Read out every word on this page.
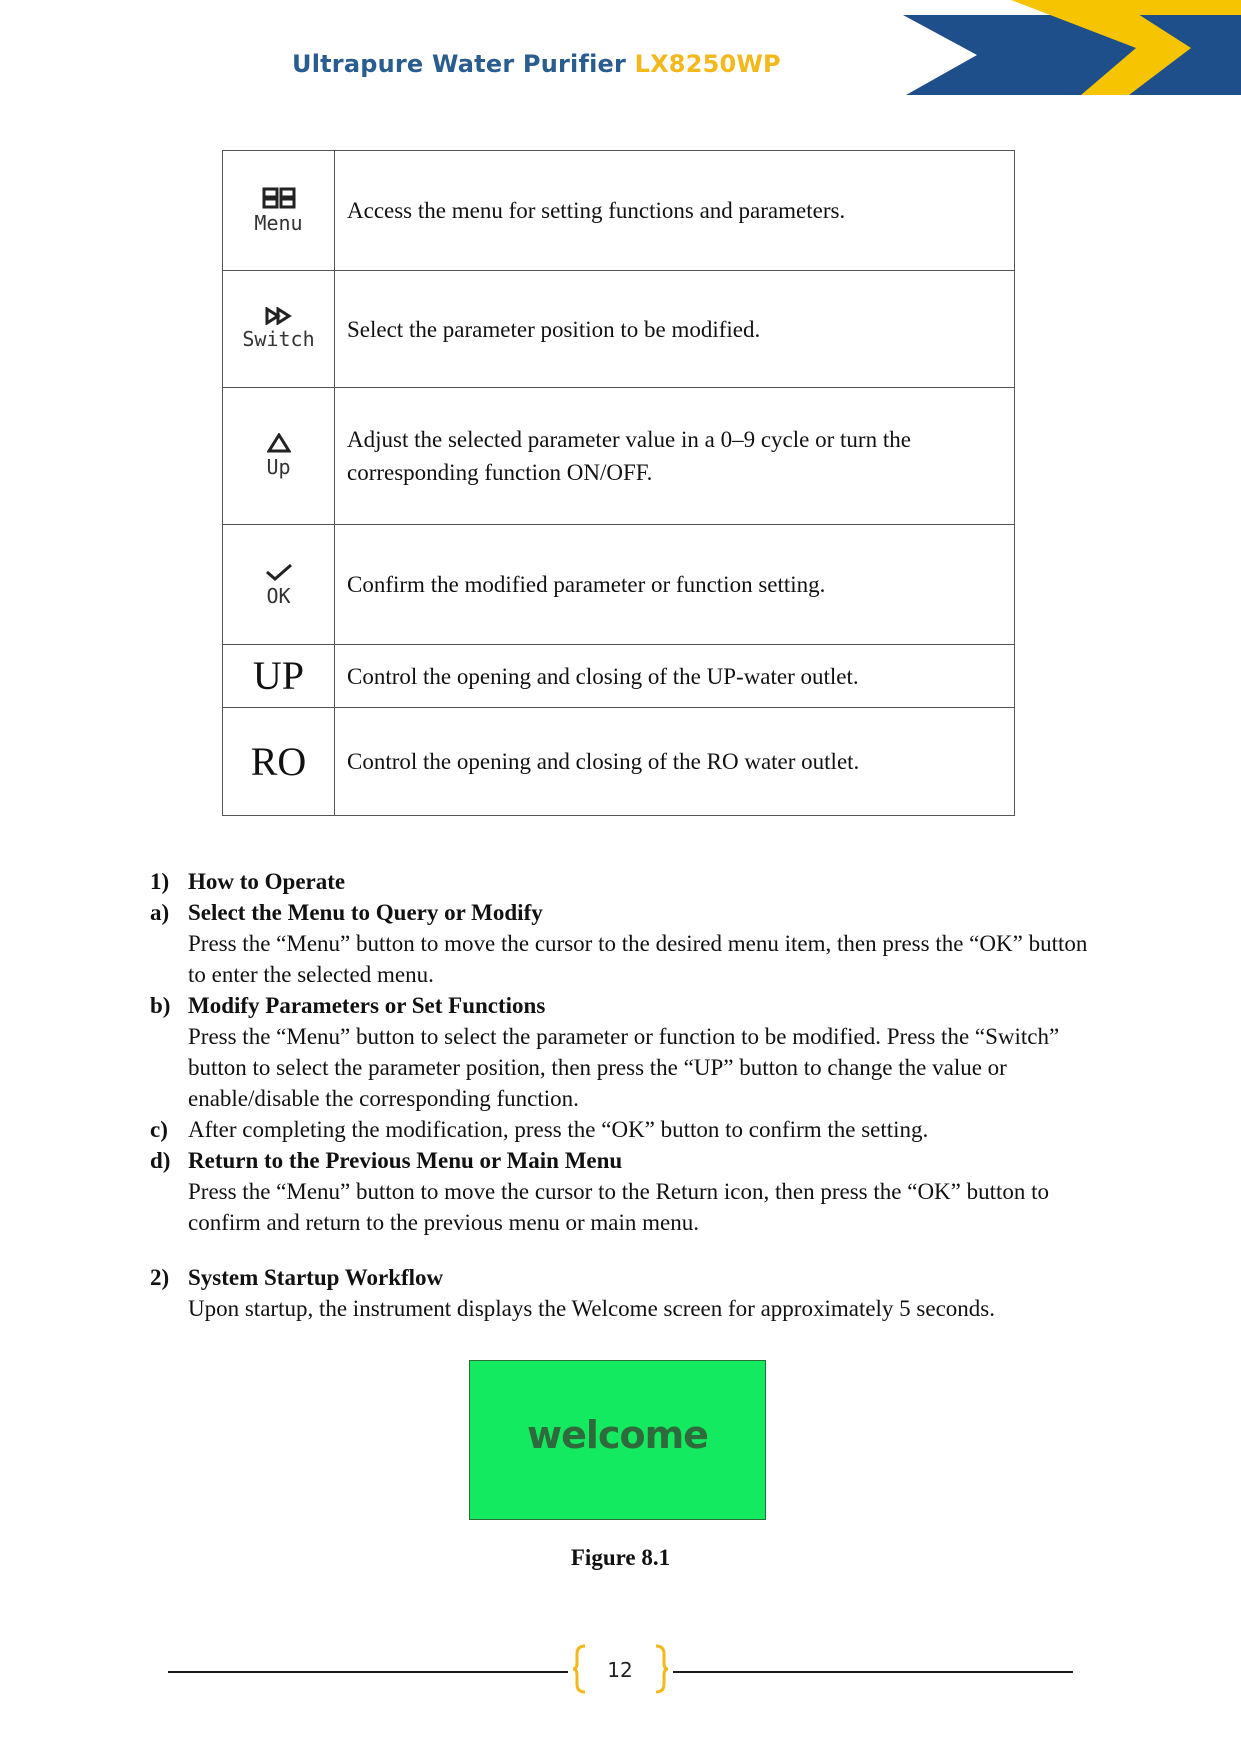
Ultrapure Water Purifier LX8250WP
Menu	Access the menu for setting functions and parameters.

Switch	Select the parameter position to be modified.

Up	Adjust the selected parameter value in a 0–9 cycle or turn the corresponding function ON/OFF.

OK	Confirm the modified parameter or function setting.
UP	Control the opening and closing of the UP-water outlet.
RO	Control the opening and closing of the RO water outlet.
1) How to Operate
a) Select the Menu to Query or Modify
Press the “Menu” button to move the cursor to the desired menu item, then press the “OK” button to enter the selected menu.
b) Modify Parameters or Set Functions
Press the “Menu” button to select the parameter or function to be modified. Press the “Switch” button to select the parameter position, then press the “UP” button to change the value or enable/disable the corresponding function.
c) After completing the modification, press the “OK” button to confirm the setting.
d) Return to the Previous Menu or Main Menu
Press the “Menu” button to move the cursor to the Return icon, then press the “OK” button to confirm and return to the previous menu or main menu.
2) System Startup Workflow
Upon startup, the instrument displays the Welcome screen for approximately 5 seconds.
welcome
Figure 8.1
12
